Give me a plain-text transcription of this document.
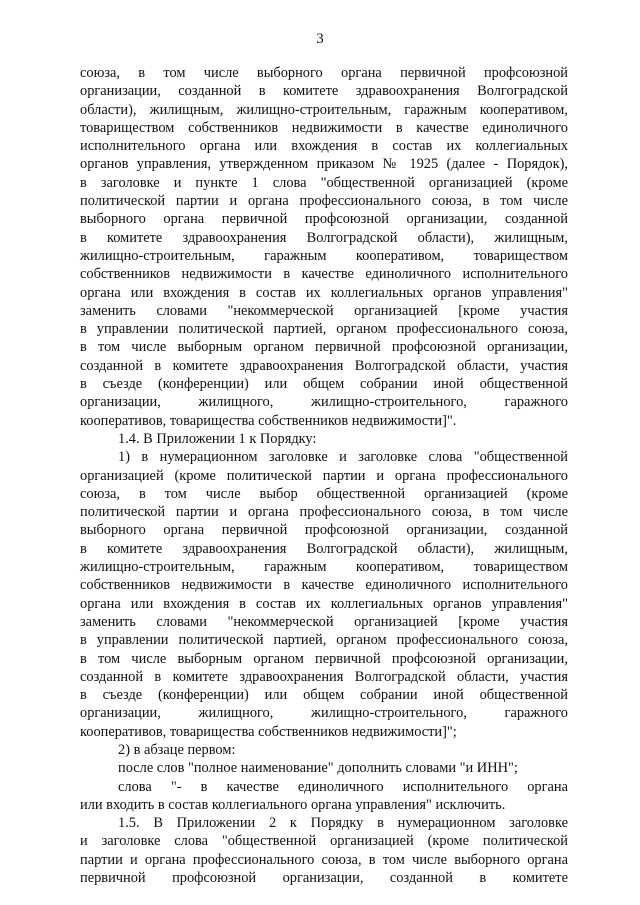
3
союза, в том числе выборного органа первичной профсоюзной
организации, созданной в комитете здравоохранения Волгоградской
области), жилищным, жилищно-строительным, гаражным кооперативом,
товариществом собственников недвижимости в качестве единоличного
исполнительного органа или вхождения в состав их коллегиальных
органов управления, утвержденном приказом № 1925 (далее - Порядок),
в заголовке и пункте 1 слова "общественной организацией (кроме
политической партии и органа профессионального союза, в том числе
выборного органа первичной профсоюзной организации, созданной
в комитете здравоохранения Волгоградской области), жилищным,
жилищно-строительным, гаражным кооперативом, товариществом
собственников недвижимости в качестве единоличного исполнительного
органа или вхождения в состав их коллегиальных органов управления"
заменить словами "некоммерческой организацией [кроме участия
в управлении политической партией, органом профессионального союза,
в том числе выборным органом первичной профсоюзной организации,
созданной в комитете здравоохранения Волгоградской области, участия
в съезде (конференции) или общем собрании иной общественной
организации, жилищного, жилищно-строительного, гаражного
кооперативов, товарищества собственников недвижимости]".
1.4. В Приложении 1 к Порядку:
1) в нумерационном заголовке и заголовке слова "общественной
организацией (кроме политической партии и органа профессионального
союза, в том числе выбор общественной организацией (кроме
политической партии и органа профессионального союза, в том числе
выборного органа первичной профсоюзной организации, созданной
в комитете здравоохранения Волгоградской области), жилищным,
жилищно-строительным, гаражным кооперативом, товариществом
собственников недвижимости в качестве единоличного исполнительного
органа или вхождения в состав их коллегиальных органов управления"
заменить словами "некоммерческой организацией [кроме участия
в управлении политической партией, органом профессионального союза,
в том числе выборным органом первичной профсоюзной организации,
созданной в комитете здравоохранения Волгоградской области, участия
в съезде (конференции) или общем собрании иной общественной
организации, жилищного, жилищно-строительного, гаражного
кооперативов, товарищества собственников недвижимости]";
2) в абзаце первом:
после слов "полное наименование" дополнить словами "и ИНН";
слова "- в качестве единоличного исполнительного органа
или входить в состав коллегиального органа управления" исключить.
1.5. В Приложении 2 к Порядку в нумерационном заголовке
и заголовке слова "общественной организацией (кроме политической
партии и органа профессионального союза, в том числе выборного органа
первичной профсоюзной организации, созданной в комитете
